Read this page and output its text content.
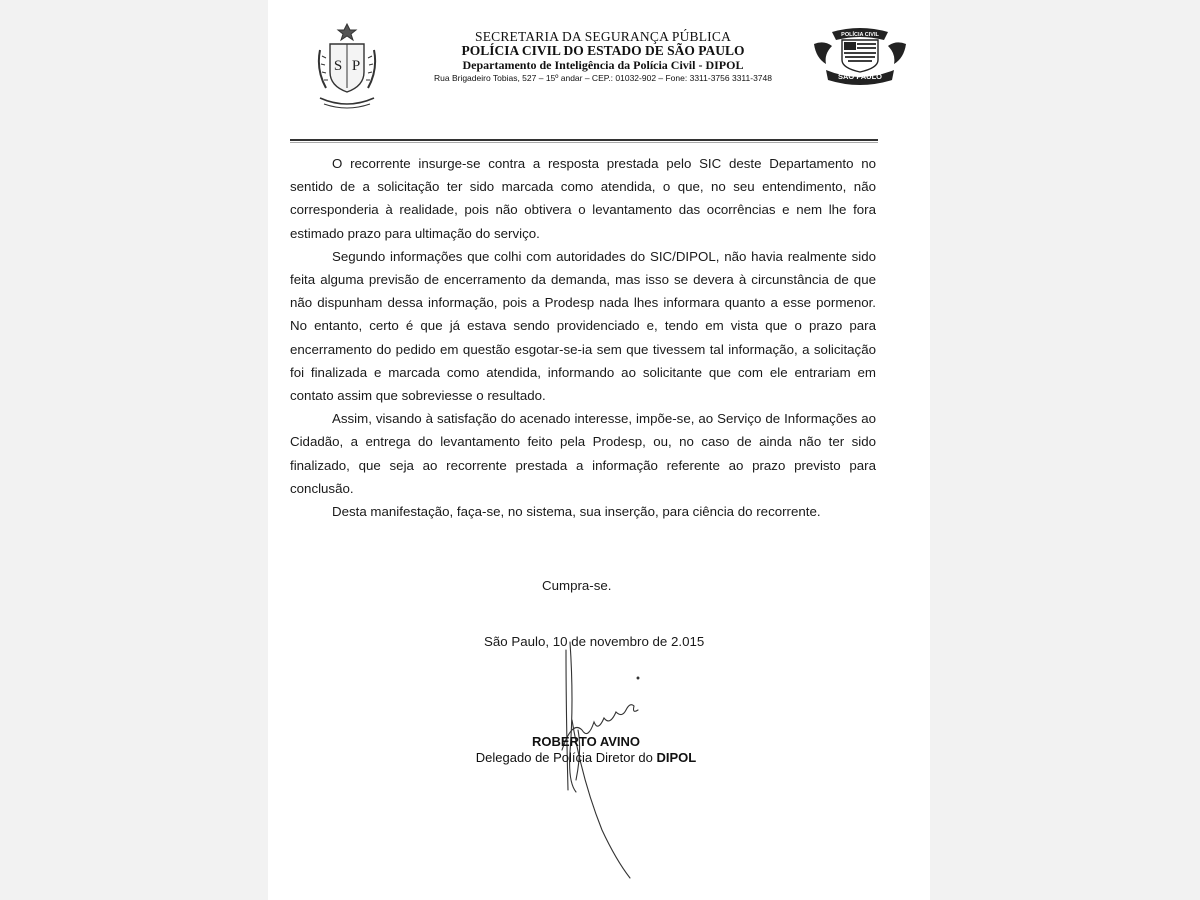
S P
SECRETARIA DA SEGURANÇA PÚBLICA
POLÍCIA CIVIL DO ESTADO DE SÃO PAULO
Departamento de Inteligência da Polícia Civil - DIPOL
Rua Brigadeiro Tobias, 527 – 15º andar – CEP.: 01032-902 – Fone: 3311-3756 3311-3748
POLÍCIA CIVIL
SÃO PAULO

O recorrente insurge-se contra a resposta prestada pelo SIC deste Departamento no sentido de a solicitação ter sido marcada como atendida, o que, no seu entendimento, não corresponderia à realidade, pois não obtivera o levantamento das ocorrências e nem lhe fora estimado prazo para ultimação do serviço.

Segundo informações que colhi com autoridades do SIC/DIPOL, não havia realmente sido feita alguma previsão de encerramento da demanda, mas isso se devera à circunstância de que não dispunham dessa informação, pois a Prodesp nada lhes informara quanto a esse pormenor. No entanto, certo é que já estava sendo providenciado e, tendo em vista que o prazo para encerramento do pedido em questão esgotar-se-ia sem que tivessem tal informação, a solicitação foi finalizada e marcada como atendida, informando ao solicitante que com ele entrariam em contato assim que sobreviesse o resultado.

Assim, visando à satisfação do acenado interesse, impõe-se, ao Serviço de Informações ao Cidadão, a entrega do levantamento feito pela Prodesp, ou, no caso de ainda não ter sido finalizado, que seja ao recorrente prestada a informação referente ao prazo previsto para conclusão.

Desta manifestação, faça-se, no sistema, sua inserção, para ciência do recorrente.

Cumpra-se.
São Paulo, 10 de novembro de 2.015
ROBERTO AVINO
Delegado de Polícia Diretor do DIPOL
